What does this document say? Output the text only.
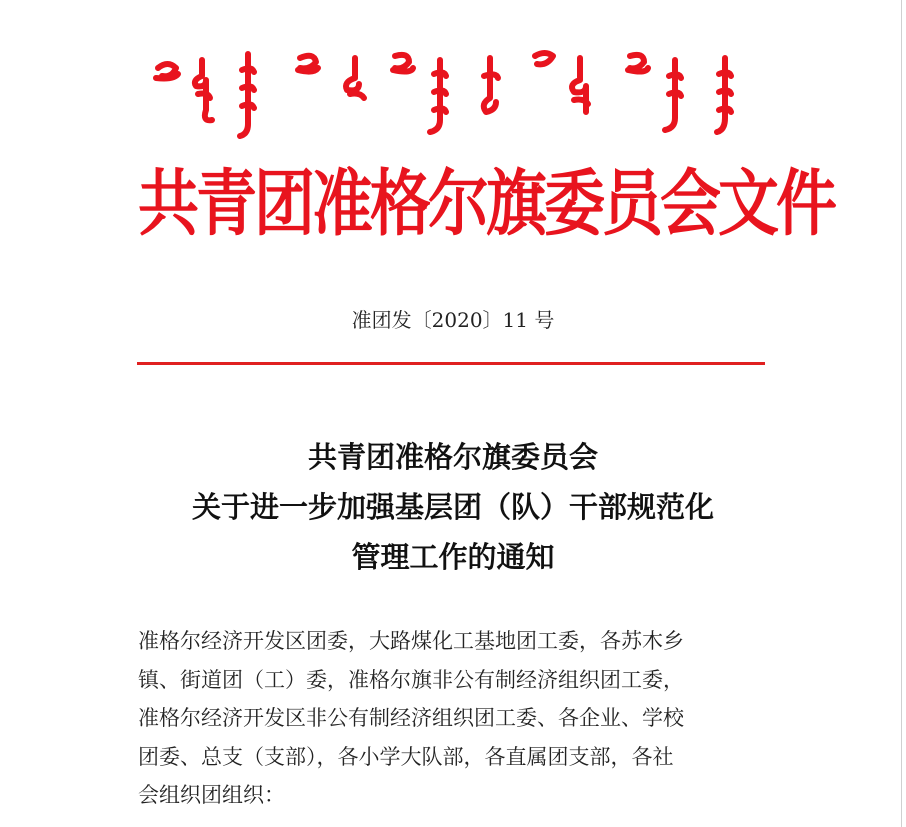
共青团准格尔旗委员会文件
准团发〔2020〕11 号
共青团准格尔旗委员会
关于进一步加强基层团（队）干部规范化
管理工作的通知
准格尔经济开发区团委，大路煤化工基地团工委，各苏木乡
镇、街道团（工）委，准格尔旗非公有制经济组织团工委，
准格尔经济开发区非公有制经济组织团工委、各企业、学校
团委、总支（支部），各小学大队部，各直属团支部，各社
会组织团组织：
